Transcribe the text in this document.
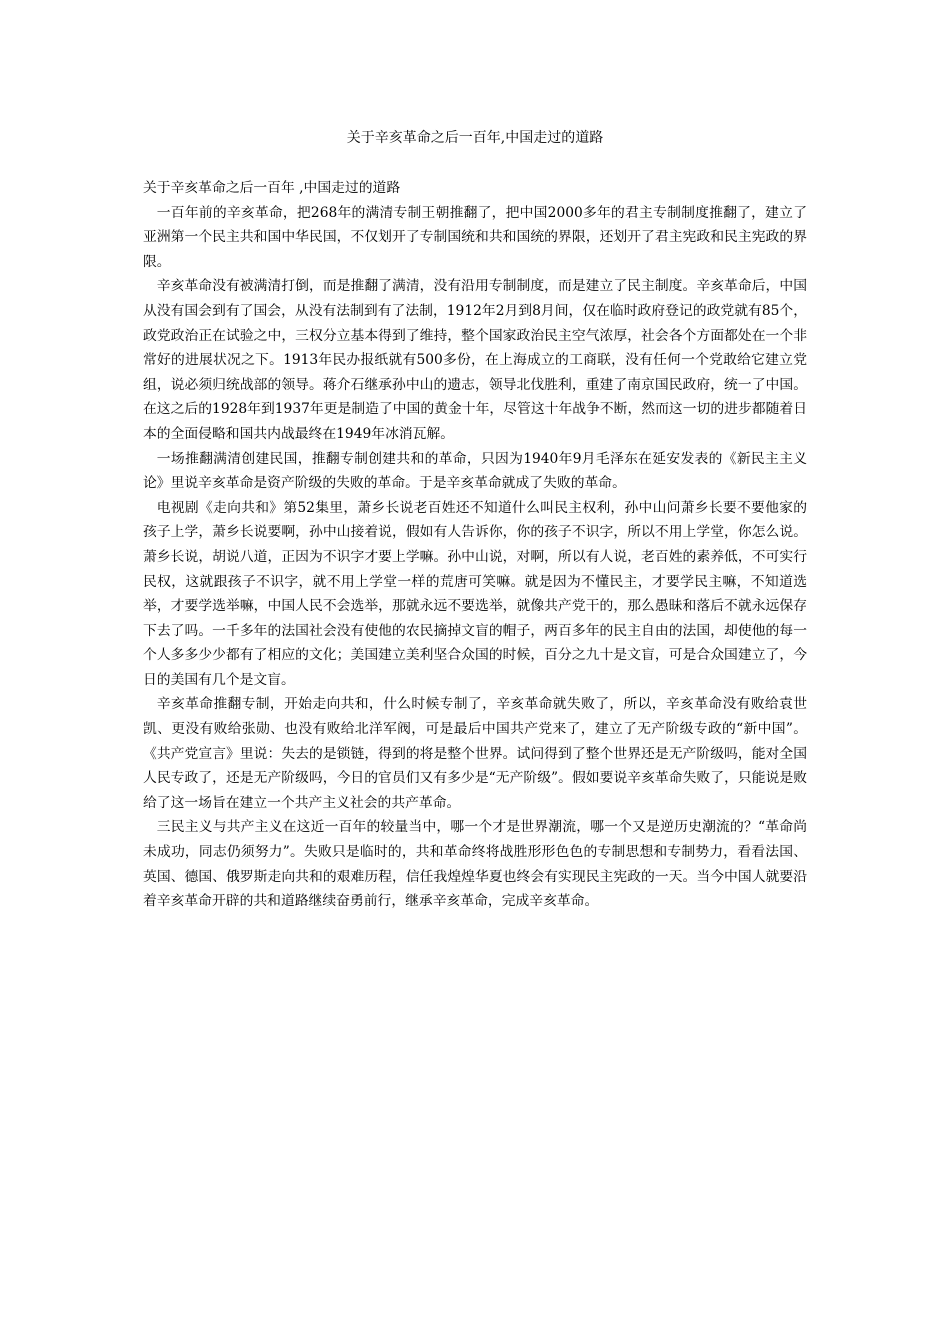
关于辛亥革命之后一百年,中国走过的道路

关于辛亥革命之后一百年 ,中国走过的道路

一百年前的辛亥革命，把268年的满清专制王朝推翻了，把中国2000多年的君主专制制度推翻了，建立了亚洲第一个民主共和国中华民国，不仅划开了专制国统和共和国统的界限，还划开了君主宪政和民主宪政的界限。

辛亥革命没有被满清打倒，而是推翻了满清，没有沿用专制制度，而是建立了民主制度。辛亥革命后，中国从没有国会到有了国会，从没有法制到有了法制，1912年2月到8月间，仅在临时政府登记的政党就有85个，政党政治正在试验之中，三权分立基本得到了维持，整个国家政治民主空气浓厚，社会各个方面都处在一个非常好的进展状况之下。1913年民办报纸就有500多份，在上海成立的工商联，没有任何一个党敢给它建立党组，说必须归统战部的领导。蒋介石继承孙中山的遗志，领导北伐胜利，重建了南京国民政府，统一了中国。在这之后的1928年到1937年更是制造了中国的黄金十年，尽管这十年战争不断，然而这一切的进步都随着日本的全面侵略和国共内战最终在1949年冰消瓦解。

一场推翻满清创建民国，推翻专制创建共和的革命，只因为1940年9月毛泽东在延安发表的《新民主主义论》里说辛亥革命是资产阶级的失败的革命。于是辛亥革命就成了失败的革命。

电视剧《走向共和》第52集里，萧乡长说老百姓还不知道什么叫民主权利，孙中山问萧乡长要不要他家的孩子上学，萧乡长说要啊，孙中山接着说，假如有人告诉你，你的孩子不识字，所以不用上学堂，你怎么说。萧乡长说，胡说八道，正因为不识字才要上学嘛。孙中山说，对啊，所以有人说，老百姓的素养低，不可实行民权，这就跟孩子不识字，就不用上学堂一样的荒唐可笑嘛。就是因为不懂民主，才要学民主嘛，不知道选举，才要学选举嘛，中国人民不会选举，那就永远不要选举，就像共产党干的，那么愚昧和落后不就永远保存下去了吗。一千多年的法国社会没有使他的农民摘掉文盲的帽子，两百多年的民主自由的法国，却使他的每一个人多多少少都有了相应的文化；美国建立美利坚合众国的时候，百分之九十是文盲，可是合众国建立了，今日的美国有几个是文盲。

辛亥革命推翻专制，开始走向共和，什么时候专制了，辛亥革命就失败了，所以，辛亥革命没有败给袁世凯、更没有败给张勋、也没有败给北洋军阀，可是最后中国共产党来了，建立了无产阶级专政的“新中国”。《共产党宣言》里说：失去的是锁链，得到的将是整个世界。试问得到了整个世界还是无产阶级吗，能对全国人民专政了，还是无产阶级吗，今日的官员们又有多少是“无产阶级”。假如要说辛亥革命失败了，只能说是败给了这一场旨在建立一个共产主义社会的共产革命。

三民主义与共产主义在这近一百年的较量当中，哪一个才是世界潮流，哪一个又是逆历史潮流的？“革命尚未成功，同志仍须努力”。失败只是临时的，共和革命终将战胜形形色色的专制思想和专制势力，看看法国、英国、德国、俄罗斯走向共和的艰难历程，信任我煌煌华夏也终会有实现民主宪政的一天。当今中国人就要沿着辛亥革命开辟的共和道路继续奋勇前行，继承辛亥革命，完成辛亥革命。
